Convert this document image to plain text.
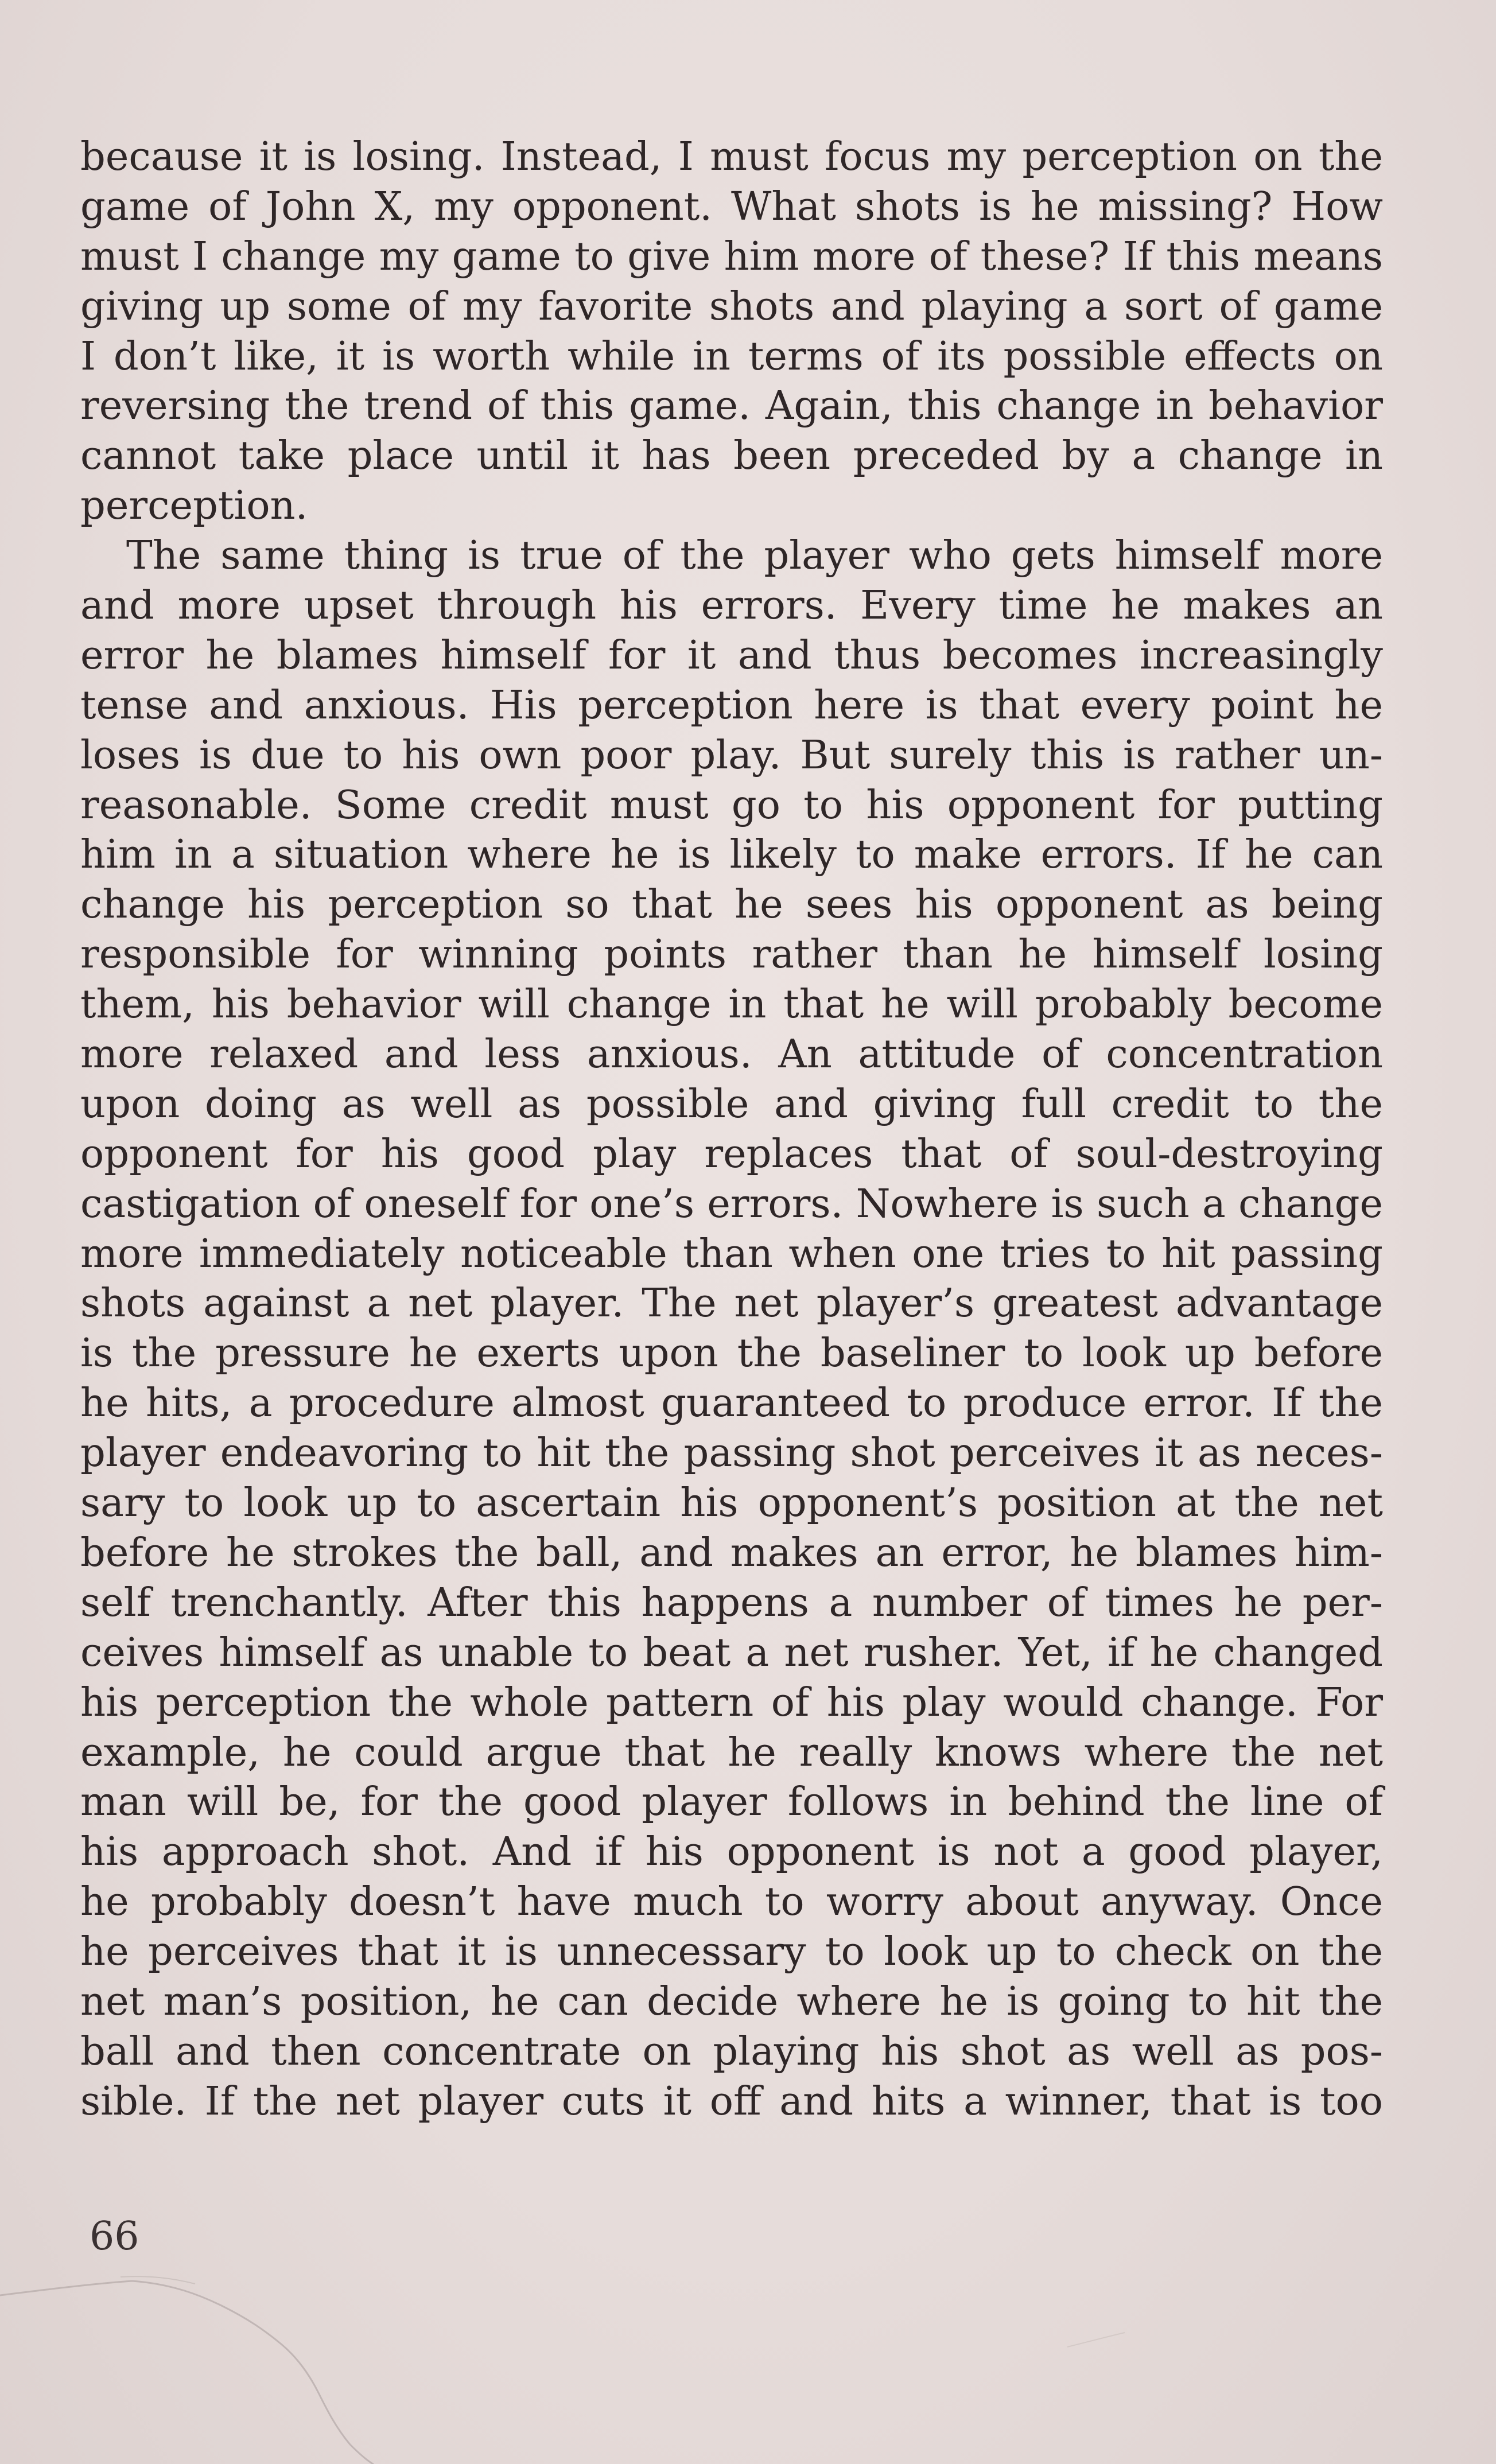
because it is losing. Instead, I must focus my perception on the
game of John X, my opponent. What shots is he missing? How
must I change my game to give him more of these? If this means
giving up some of my favorite shots and playing a sort of game
I don’t like, it is worth while in terms of its possible effects on
reversing the trend of this game. Again, this change in behavior
cannot take place until it has been preceded by a change in
perception.
The same thing is true of the player who gets himself more
and more upset through his errors. Every time he makes an
error he blames himself for it and thus becomes increasingly
tense and anxious. His perception here is that every point he
loses is due to his own poor play. But surely this is rather un-
reasonable. Some credit must go to his opponent for putting
him in a situation where he is likely to make errors. If he can
change his perception so that he sees his opponent as being
responsible for winning points rather than he himself losing
them, his behavior will change in that he will probably become
more relaxed and less anxious. An attitude of concentration
upon doing as well as possible and giving full credit to the
opponent for his good play replaces that of soul-destroying
castigation of oneself for one’s errors. Nowhere is such a change
more immediately noticeable than when one tries to hit passing
shots against a net player. The net player’s greatest advantage
is the pressure he exerts upon the baseliner to look up before
he hits, a procedure almost guaranteed to produce error. If the
player endeavoring to hit the passing shot perceives it as neces-
sary to look up to ascertain his opponent’s position at the net
before he strokes the ball, and makes an error, he blames him-
self trenchantly. After this happens a number of times he per-
ceives himself as unable to beat a net rusher. Yet, if he changed
his perception the whole pattern of his play would change. For
example, he could argue that he really knows where the net
man will be, for the good player follows in behind the line of
his approach shot. And if his opponent is not a good player,
he probably doesn’t have much to worry about anyway. Once
he perceives that it is unnecessary to look up to check on the
net man’s position, he can decide where he is going to hit the
ball and then concentrate on playing his shot as well as pos-
sible. If the net player cuts it off and hits a winner, that is too
66
